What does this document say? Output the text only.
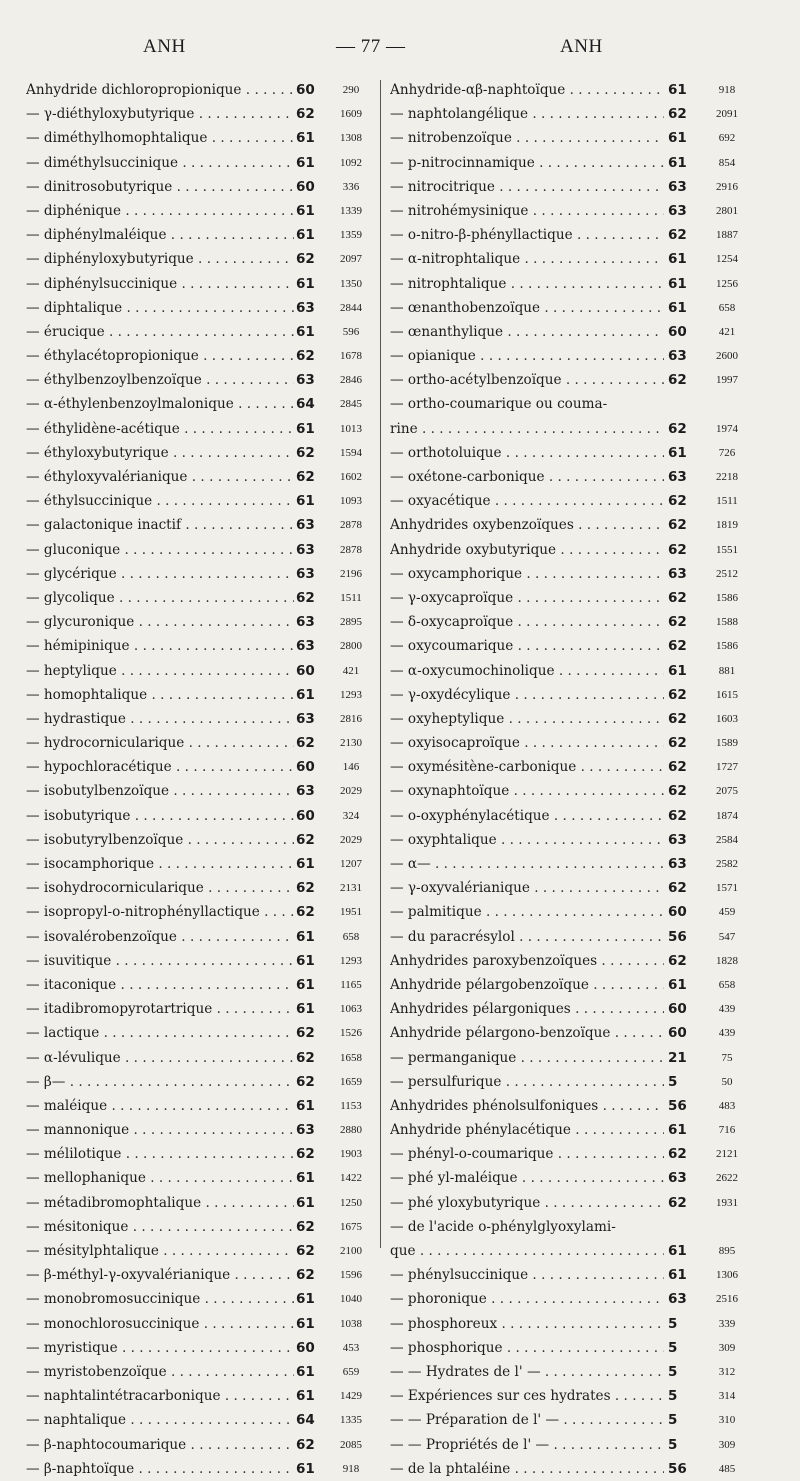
ANH	— 77 —	ANH
Anhydride dichloropropionique . . .	60	290
— γ-diéthyloxybutyrique . . .	62	1609
— diméthylhomophtalique . . .	61	1308
— diméthylsuccinique . . .	61	1092
— dinitrosobutyrique . . .	60	336
— diphénique . . .	61	1339
— diphénylmaléique . . .	61	1359
— diphényloxybutyrique . . .	62	2097
— diphénylsuccinique . . .	61	1350
— diphtalique . . .	63	2844
— érucique . . .	61	596
— éthylacétopropionique . . .	62	1678
— éthylbenzoylbenzoïque . . .	63	2846
— α-éthylenbenzoylmalonique . . .	64	2845
— éthylidène-acétique . . .	61	1013
— éthyloxybutyrique . . .	62	1594
— éthyloxyvalérianique . . .	62	1602
— éthylsuccinique . . .	61	1093
— galactonique inactif . . .	63	2878
— gluconique . . .	63	2878
— glycérique . . .	63	2196
— glycolique . . .	62	1511
— glycuronique . . .	63	2895
— hémipinique . . .	63	2800
— heptylique . . .	60	421
— homophtalique . . .	61	1293
— hydrastique . . .	63	2816
— hydrocornicularique . . .	62	2130
— hypochloracétique . . .	60	146
— isobutylbenzoïque . . .	63	2029
— isobutyrique . . .	60	324
— isobutyrylbenzoïque . . .	62	2029
— isocamphorique . . .	61	1207
— isohydrocornicularique . . .	62	2131
— isopropyl-o-nitrophényllactique . . .	62	1951
— isovalérobenzoïque . . .	61	658
— isuvitique . . .	61	1293
— itaconique . . .	61	1165
— itadibromopyrotartrique . . .	61	1063
— lactique . . .	62	1526
— α-lévulique . . .	62	1658
— β— . . .	62	1659
— maléique . . .	61	1153
— mannonique . . .	63	2880
— mélilotique . . .	62	1903
— mellophanique . . .	61	1422
— métadibromophtalique . . .	61	1250
— mésitonique . . .	62	1675
— mésitylphtalique . . .	62	2100
— β-méthyl-γ-oxyvalérianique . . .	62	1596
— monobromosuccinique . . .	61	1040
— monochlorosuccinique . . .	61	1038
— myristique . . .	60	453
— myristobenzoïque . . .	61	659
— naphtalintétracarbonique . . .	61	1429
— naphtalique . . .	64	1335
— β-naphtocoumarique . . .	62	2085
— β-naphtoïque . . .	61	918
Anhydride-αβ-naphtoïque . . .	61	918
— naphtolangélique . . .	62	2091
— nitrobenzoïque . . .	61	692
— p-nitrocinnamique . . .	61	854
— nitrocitrique . . .	63	2916
— nitrohémysinique . . .	63	2801
— o-nitro-β-phényllactique . . .	62	1887
— α-nitrophtalique . . .	61	1254
— nitrophtalique . . .	61	1256
— œnanthobenzoïque . . .	61	658
— œnanthylique . . .	60	421
— opianique . . .	63	2600
— ortho-acétylbenzoïque . . .	62	1997
— ortho-coumarique ou couma-
rine . . .	62	1974
— orthotoluique . . .	61	726
— oxétone-carbonique . . .	63	2218
— oxyacétique . . .	62	1511
Anhydrides oxybenzoïques . . .	62	1819
Anhydride oxybutyrique . . .	62	1551
— oxycamphorique . . .	63	2512
— γ-oxycaproïque . . .	62	1586
— δ-oxycaproïque . . .	62	1588
— oxycoumarique . . .	62	1586
— α-oxycumochinolique . . .	61	881
— γ-oxydécylique . . .	62	1615
— oxyheptylique . . .	62	1603
— oxyisocaproïque . . .	62	1589
— oxymésitène-carbonique . . .	62	1727
— oxynaphtoïque . . .	62	2075
— o-oxyphénylacétique . . .	62	1874
— oxyphtalique . . .	63	2584
— α— . . .	63	2582
— γ-oxyvalérianique . . .	62	1571
— palmitique . . .	60	459
— du paracrésylol . . .	56	547
Anhydrides paroxybenzoïques . . .	62	1828
Anhydride pélargobenzoïque . . .	61	658
Anhydrides pélargoniques . . .	60	439
Anhydride pélargono-benzoïque . . .	60	439
— permanganique . . .	21	75
— persulfurique . . .	5	50
Anhydrides phénolsulfoniques . . .	56	483
Anhydride phénylacétique . . .	61	716
— phényl-o-coumarique . . .	62	2121
— phé yl-maléique . . .	63	2622
— phé yloxybutyrique . . .	62	1931
— de l'acide o-phénylglyoxylami-
que . . .	61	895
— phénylsuccinique . . .	61	1306
— phoronique . . .	63	2516
— phosphoreux . . .	5	339
— phosphorique . . .	5	309
— — Hydrates de l' — . . .	5	312
— Expériences sur ces hydrates . . .	5	314
— — Préparation de l' — . . .	5	310
— — Propriétés de l' — . . .	5	309
— de la phtaléine . . .	56	485
